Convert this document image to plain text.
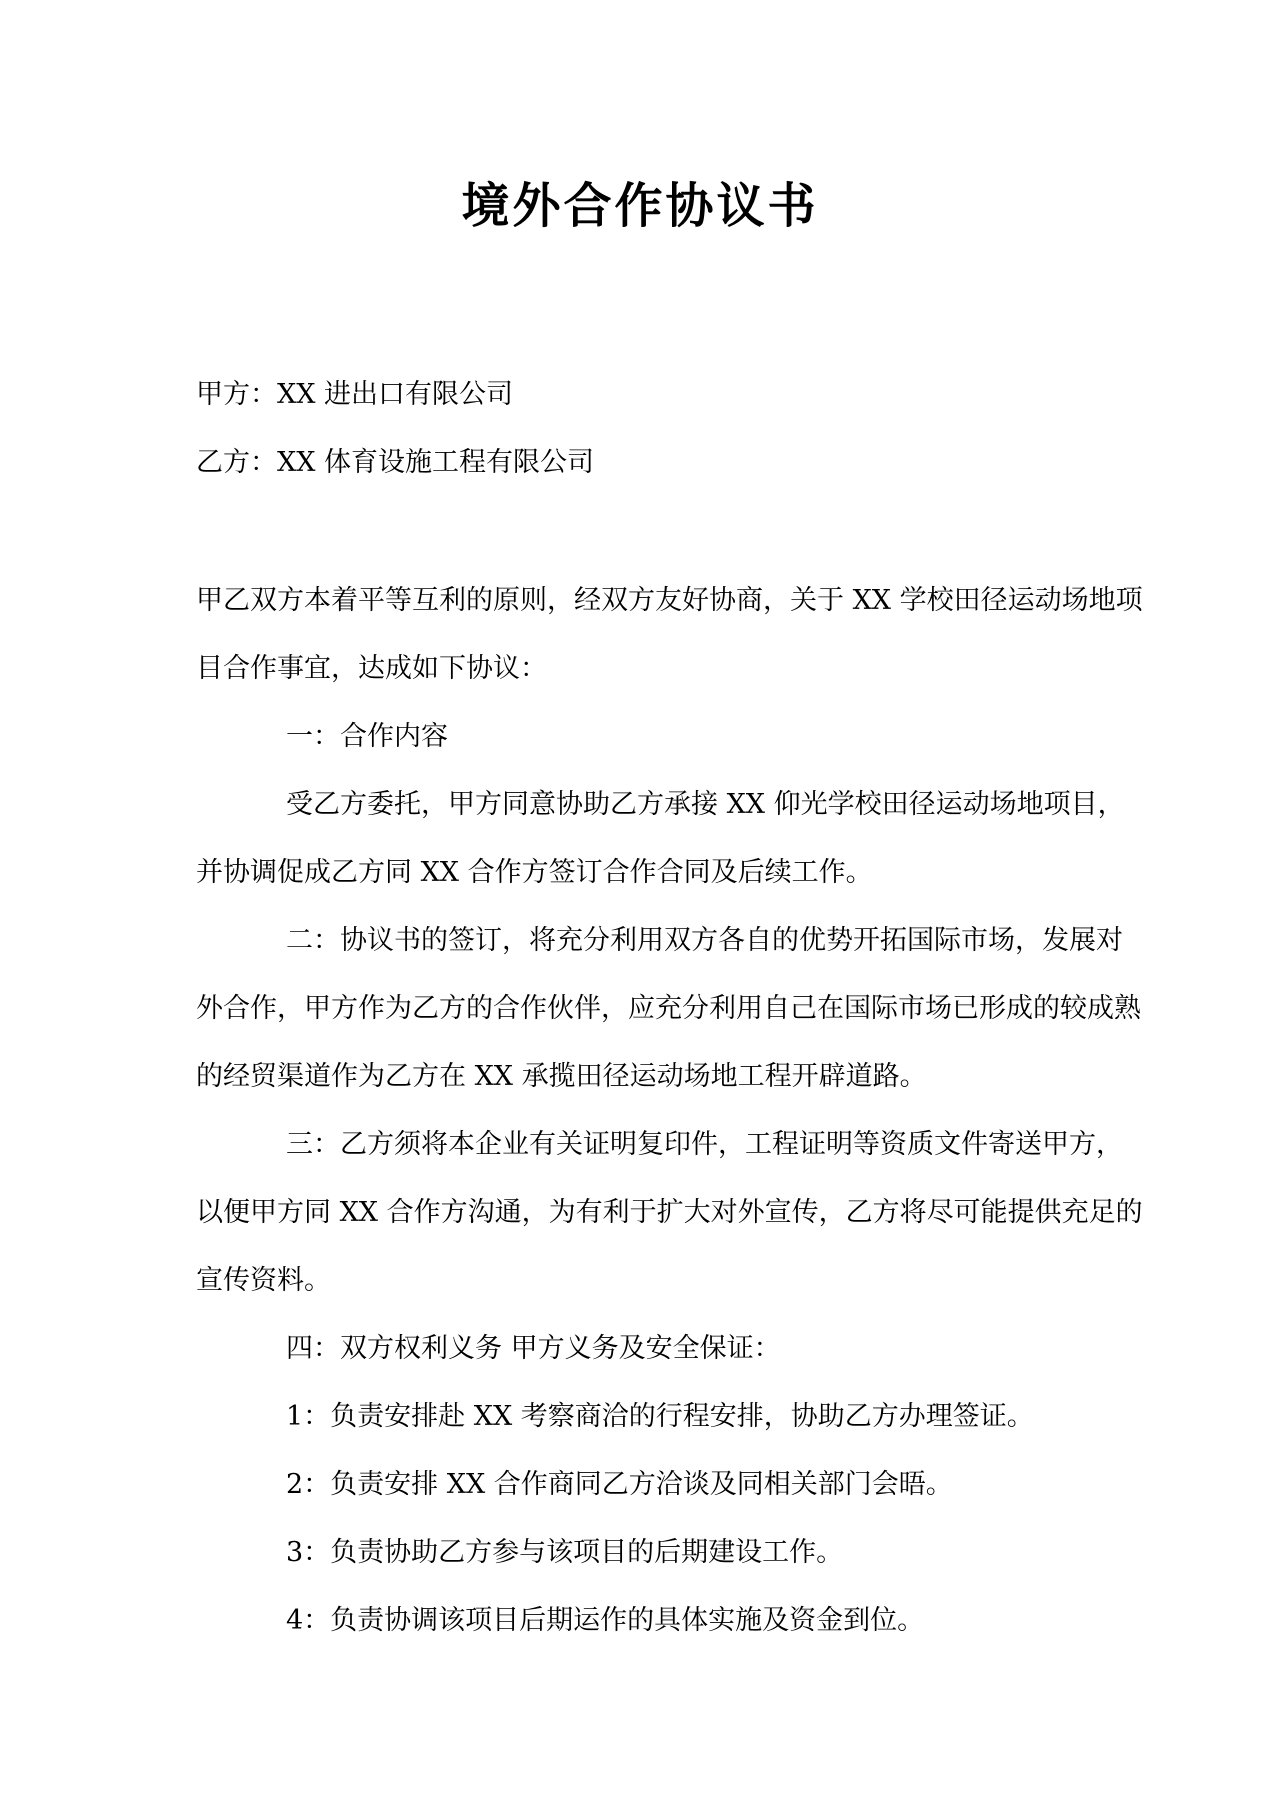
境外合作协议书
甲方：XX 进出口有限公司
乙方：XX 体育设施工程有限公司
甲乙双方本着平等互利的原则，经双方友好协商，关于 XX 学校田径运动场地项
目合作事宜，达成如下协议：
一：合作内容
受乙方委托，甲方同意协助乙方承接 XX 仰光学校田径运动场地项目，
并协调促成乙方同 XX 合作方签订合作合同及后续工作。
二：协议书的签订，将充分利用双方各自的优势开拓国际市场，发展对
外合作，甲方作为乙方的合作伙伴，应充分利用自己在国际市场已形成的较成熟
的经贸渠道作为乙方在 XX 承揽田径运动场地工程开辟道路。
三：乙方须将本企业有关证明复印件，工程证明等资质文件寄送甲方，
以便甲方同 XX 合作方沟通，为有利于扩大对外宣传，乙方将尽可能提供充足的
宣传资料。
四：双方权利义务 甲方义务及安全保证：
1：负责安排赴 XX 考察商洽的行程安排，协助乙方办理签证。
2：负责安排 XX 合作商同乙方洽谈及同相关部门会晤。
3：负责协助乙方参与该项目的后期建设工作。
4：负责协调该项目后期运作的具体实施及资金到位。
